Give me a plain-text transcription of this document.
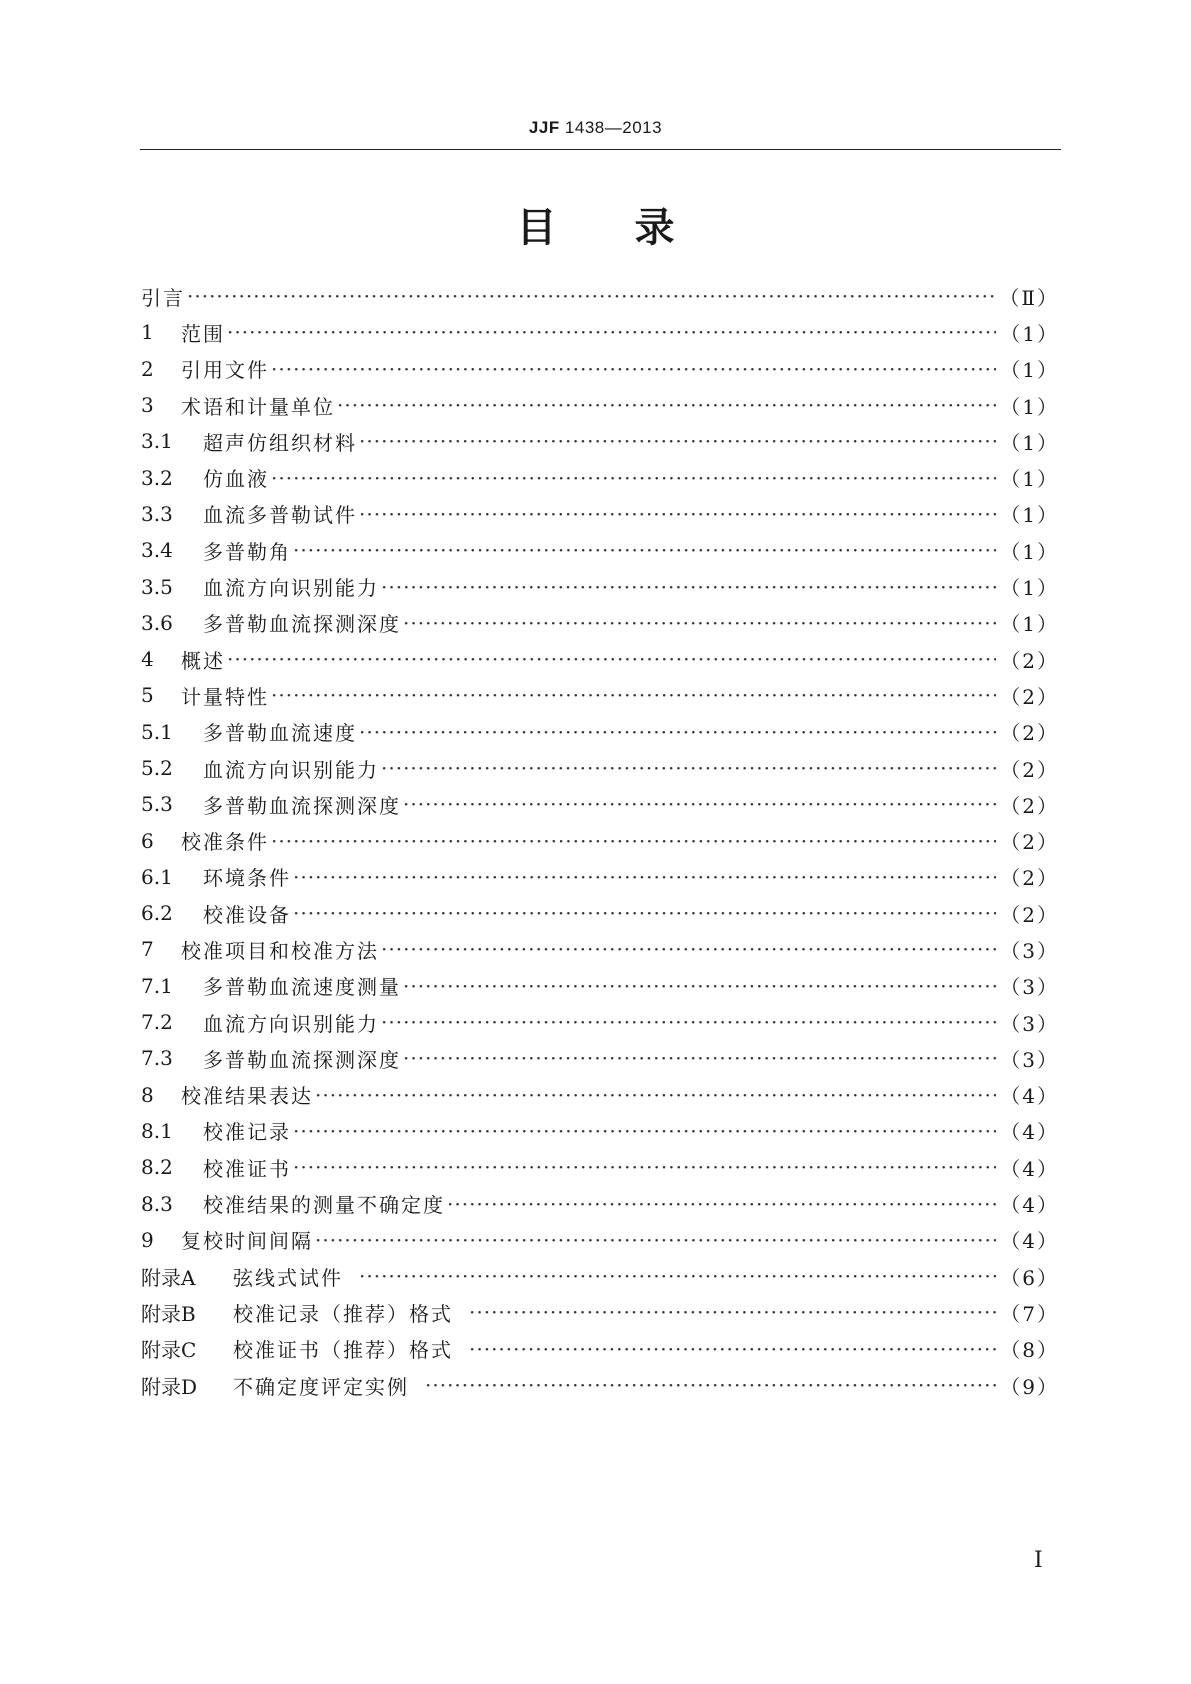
JJF 1438—2013
目录
引言 ·····	（Ⅱ）
1	范围 ·····	（1）
2	引用文件 ·····	（1）
3	术语和计量单位 ·····	（1）
3.1	超声仿组织材料 ·····	（1）
3.2	仿血液 ·····	（1）
3.3	血流多普勒试件 ·····	（1）
3.4	多普勒角 ·····	（1）
3.5	血流方向识别能力 ·····	（1）
3.6	多普勒血流探测深度 ·····	（1）
4	概述 ·····	（2）
5	计量特性 ·····	（2）
5.1	多普勒血流速度 ·····	（2）
5.2	血流方向识别能力 ·····	（2）
5.3	多普勒血流探测深度 ·····	（2）
6	校准条件 ·····	（2）
6.1	环境条件 ·····	（2）
6.2	校准设备 ·····	（2）
7	校准项目和校准方法 ·····	（3）
7.1	多普勒血流速度测量 ·····	（3）
7.2	血流方向识别能力 ·····	（3）
7.3	多普勒血流探测深度 ·····	（3）
8	校准结果表达 ·····	（4）
8.1	校准记录 ·····	（4）
8.2	校准证书 ·····	（4）
8.3	校准结果的测量不确定度 ·····	（4）
9	复校时间间隔 ·····	（4）
附录A	弦线式试件 ·····	（6）
附录B	校准记录（推荐）格式 ·····	（7）
附录C	校准证书（推荐）格式 ·····	（8）
附录D	不确定度评定实例 ·····	（9）
I
